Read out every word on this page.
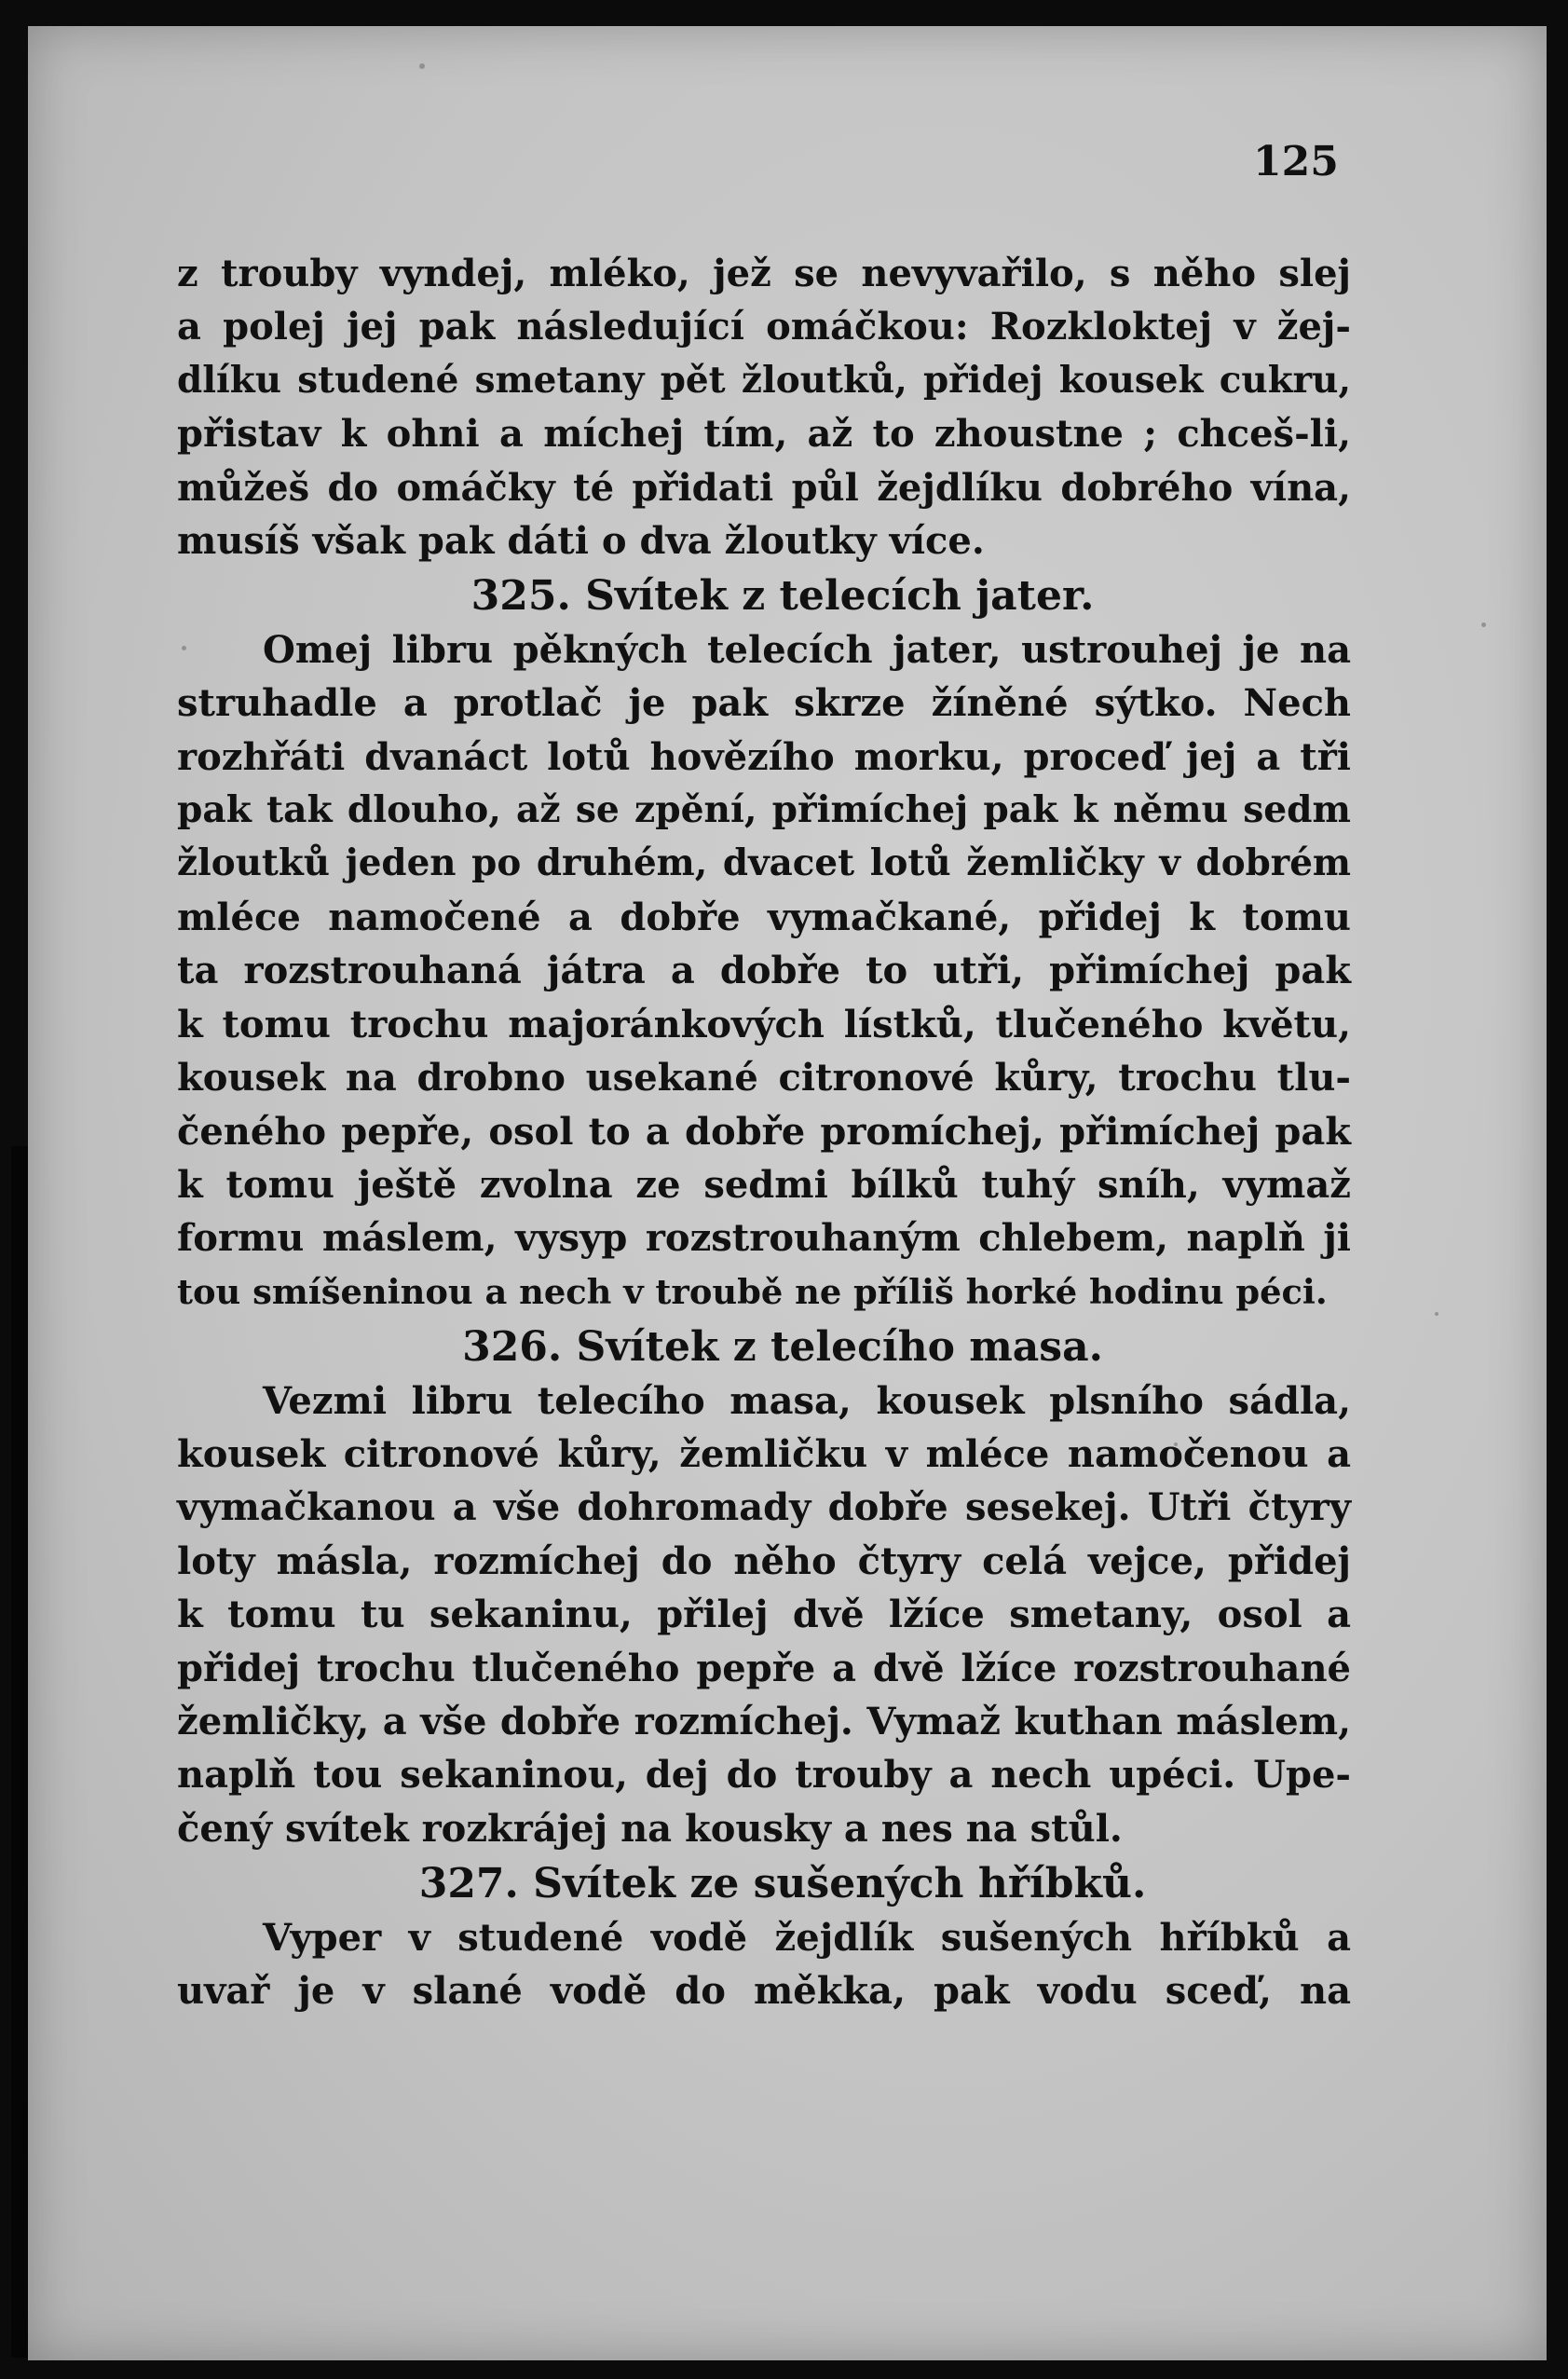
125
z trouby vyndej, mléko, jež se nevyvařilo, s něho slej
a polej jej pak následující omáčkou: Rozkloktej v žej-
dlíku studené smetany pět žloutků, přidej kousek cukru,
přistav k ohni a míchej tím, až to zhoustne ; chceš-li,
můžeš do omáčky té přidati půl žejdlíku dobrého vína,
musíš však pak dáti o dva žloutky více.
325. Svítek z telecích jater.
Omej libru pěkných telecích jater, ustrouhej je na
struhadle a protlač je pak skrze žíněné sýtko. Nech
rozhřáti dvanáct lotů hovězího morku, proceď jej a tři
pak tak dlouho, až se zpění, přimíchej pak k němu sedm
žloutků jeden po druhém, dvacet lotů žemličky v dobrém
mléce namočené a dobře vymačkané, přidej k tomu
ta rozstrouhaná játra a dobře to utři, přimíchej pak
k tomu trochu majoránkových lístků, tlučeného květu,
kousek na drobno usekané citronové kůry, trochu tlu-
čeného pepře, osol to a dobře promíchej, přimíchej pak
k tomu ještě zvolna ze sedmi bílků tuhý sníh, vymaž
formu máslem, vysyp rozstrouhaným chlebem, naplň ji
tou smíšeninou a nech v troubě ne příliš horké hodinu péci.
326. Svítek z telecího masa.
Vezmi libru telecího masa, kousek plsního sádla,
kousek citronové kůry, žemličku v mléce namočenou a
vymačkanou a vše dohromady dobře sesekej. Utři čtyry
loty másla, rozmíchej do něho čtyry celá vejce, přidej
k tomu tu sekaninu, přilej dvě lžíce smetany, osol a
přidej trochu tlučeného pepře a dvě lžíce rozstrouhané
žemličky, a vše dobře rozmíchej. Vymaž kuthan máslem,
naplň tou sekaninou, dej do trouby a nech upéci. Upe-
čený svítek rozkrájej na kousky a nes na stůl.
327. Svítek ze sušených hříbků.
Vyper v studené vodě žejdlík sušených hříbků a
uvař je v slané vodě do měkka, pak vodu sceď, na
